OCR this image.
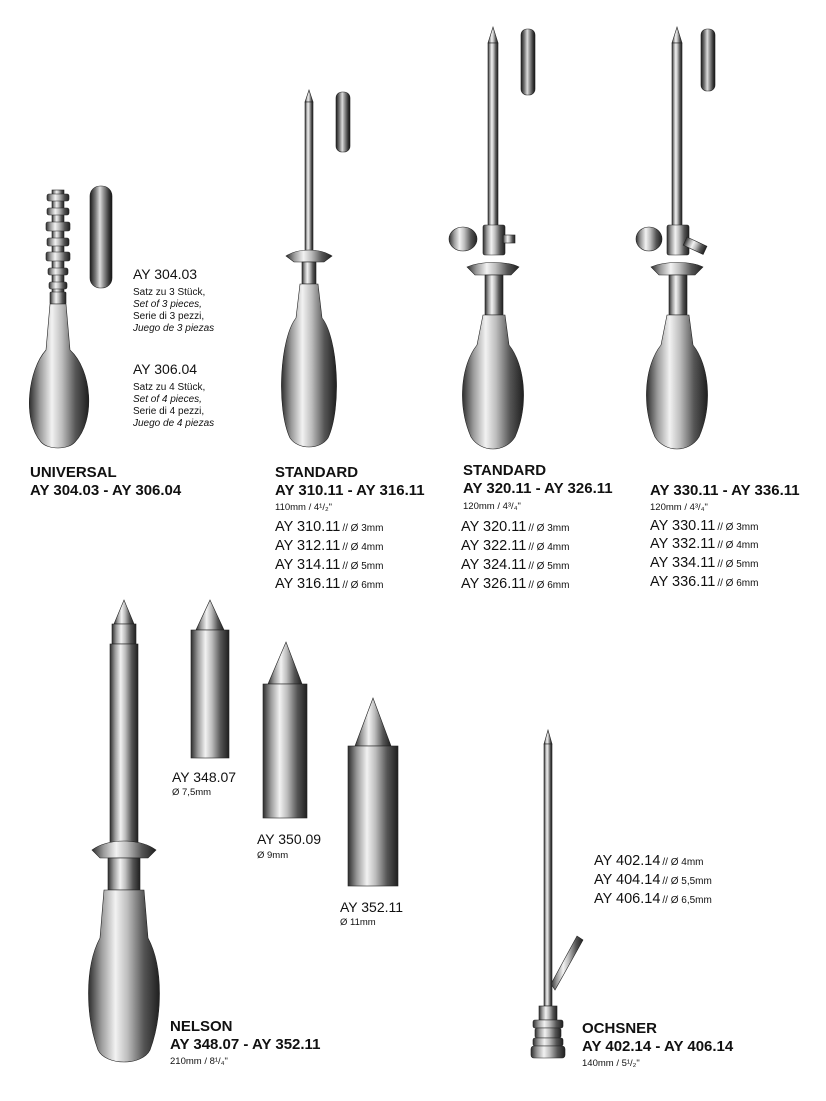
AY 304.03
Satz zu 3 Stück,
Set of 3 pieces,
Serie di 3 pezzi,
Juego de 3 piezas
AY 306.04
Satz zu 4 Stück,
Set of 4 pieces,
Serie di 4 pezzi,
Juego de 4 piezas
UNIVERSAL
AY 304.03 - AY 306.04
STANDARD
AY 310.11 - AY 316.11
110mm / 4¹/₂"
AY 310.11 // Ø 3mm
AY 312.11 // Ø 4mm
AY 314.11 // Ø 5mm
AY 316.11 // Ø 6mm
STANDARD
AY 320.11 - AY 326.11
120mm / 4³/₄"
AY 320.11 // Ø 3mm
AY 322.11 // Ø 4mm
AY 324.11 // Ø 5mm
AY 326.11 // Ø 6mm
AY 330.11 - AY 336.11
120mm / 4³/₄"
AY 330.11 // Ø 3mm
AY 332.11 // Ø 4mm
AY 334.11 // Ø 5mm
AY 336.11 // Ø 6mm
AY 348.07
Ø 7,5mm
AY 350.09
Ø 9mm
AY 352.11
Ø 11mm
NELSON
AY 348.07 - AY 352.11
210mm / 8¹/₄"
AY 402.14 // Ø 4mm
AY 404.14 // Ø 5,5mm
AY 406.14 // Ø 6,5mm
OCHSNER
AY 402.14 - AY 406.14
140mm / 5¹/₂"
